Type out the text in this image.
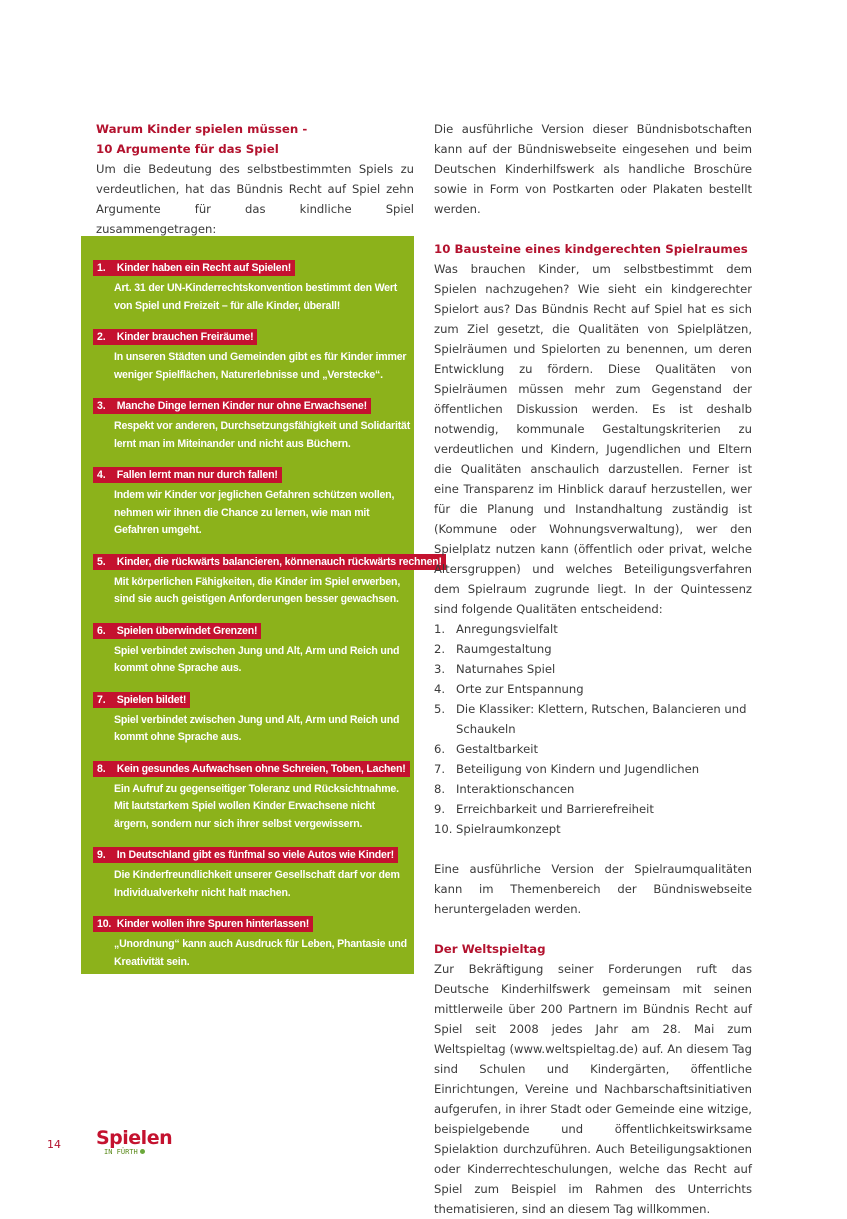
Warum Kinder spielen müssen -
10 Argumente für das Spiel

Um die Bedeutung des selbstbestimmten Spiels zu verdeutlichen, hat das Bündnis Recht auf Spiel zehn Argumente für das kindliche Spiel zusammengetragen:

1. Kinder haben ein Recht auf Spielen!
Art. 31 der UN-Kinderrechtskonvention bestimmt den Wert von Spiel und Freizeit – für alle Kinder, überall!
2. Kinder brauchen Freiräume!
In unseren Städten und Gemeinden gibt es für Kinder immer weniger Spielflächen, Naturerlebnisse und „Verstecke“.
3. Manche Dinge lernen Kinder nur ohne Erwachsene!
Respekt vor anderen, Durchsetzungsfähigkeit und Solidarität lernt man im Miteinander und nicht aus Büchern.
4. Fallen lernt man nur durch fallen!
Indem wir Kinder vor jeglichen Gefahren schützen wollen, nehmen wir ihnen die Chance zu lernen, wie man mit Gefahren umgeht.
5. Kinder, die rückwärts balancieren, könnenauch rückwärts rechnen!
Mit körperlichen Fähigkeiten, die Kinder im Spiel erwerben, sind sie auch geistigen Anforderungen besser gewachsen.
6. Spielen überwindet Grenzen!
Spiel verbindet zwischen Jung und Alt, Arm und Reich und kommt ohne Sprache aus.
7. Spielen bildet!
Spiel verbindet zwischen Jung und Alt, Arm und Reich und kommt ohne Sprache aus.
8. Kein gesundes Aufwachsen ohne Schreien, Toben, Lachen!
Ein Aufruf zu gegenseitiger Toleranz und Rücksichtnahme. Mit lautstarkem Spiel wollen Kinder Erwachsene nicht ärgern, sondern nur sich ihrer selbst vergewissern.
9. In Deutschland gibt es fünfmal so viele Autos wie Kinder!
Die Kinderfreundlichkeit unserer Gesellschaft darf vor dem Individualverkehr nicht halt machen.
10. Kinder wollen ihre Spuren hinterlassen!
„Unordnung“ kann auch Ausdruck für Leben, Phantasie und Kreativität sein.

Die ausführliche Version dieser Bündnisbotschaften kann auf der Bündniswebseite eingesehen und beim Deutschen Kinderhilfswerk als handliche Broschüre sowie in Form von Postkarten oder Plakaten bestellt werden.

10 Bausteine eines kindgerechten Spielraumes

Was brauchen Kinder, um selbstbestimmt dem Spielen nachzugehen? Wie sieht ein kindgerechter Spielort aus? Das Bündnis Recht auf Spiel hat es sich zum Ziel gesetzt, die Qualitäten von Spielplätzen, Spielräumen und Spielorten zu benennen, um deren Entwicklung zu fördern. Diese Qualitäten von Spielräumen müssen mehr zum Gegenstand der öffentlichen Diskussion werden. Es ist deshalb notwendig, kommunale Gestaltungskriterien zu verdeutlichen und Kindern, Jugendlichen und Eltern die Qualitäten anschaulich darzustellen. Ferner ist eine Transparenz im Hinblick darauf herzustellen, wer für die Planung und Instandhaltung zuständig ist (Kommune oder Wohnungsverwaltung), wer den Spielplatz nutzen kann (öffentlich oder privat, welche Altersgruppen) und welches Beteiligungsverfahren dem Spielraum zugrunde liegt. In der Quintessenz sind folgende Qualitäten entscheidend:

1. Anregungsvielfalt
2. Raumgestaltung
3. Naturnahes Spiel
4. Orte zur Entspannung
5. Die Klassiker: Klettern, Rutschen, Balancieren und Schaukeln
6. Gestaltbarkeit
7. Beteiligung von Kindern und Jugendlichen
8. Interaktionschancen
9. Erreichbarkeit und Barrierefreiheit
10. Spielraumkonzept

Eine ausführliche Version der Spielraumqualitäten kann im Themenbereich der Bündniswebseite heruntergeladen werden.

Der Weltspieltag

Zur Bekräftigung seiner Forderungen ruft das Deutsche Kinderhilfswerk gemeinsam mit seinen mittlerweile über 200 Partnern im Bündnis Recht auf Spiel seit 2008 jedes Jahr am 28. Mai zum Weltspieltag (www.weltspieltag.de) auf. An diesem Tag sind Schulen und Kindergärten, öffentliche Einrichtungen, Vereine und Nachbarschaftsinitiativen aufgerufen, in ihrer Stadt oder Gemeinde eine witzige, beispielgebende und öffentlichkeitswirksame Spielaktion durchzuführen. Auch Beteiligungsaktionen oder Kinderrechteschulungen, welche das Recht auf Spiel zum Beispiel im Rahmen des Unterrichts thematisieren, sind an diesem Tag willkommen.

14 Spielen
IN FÜRTH
